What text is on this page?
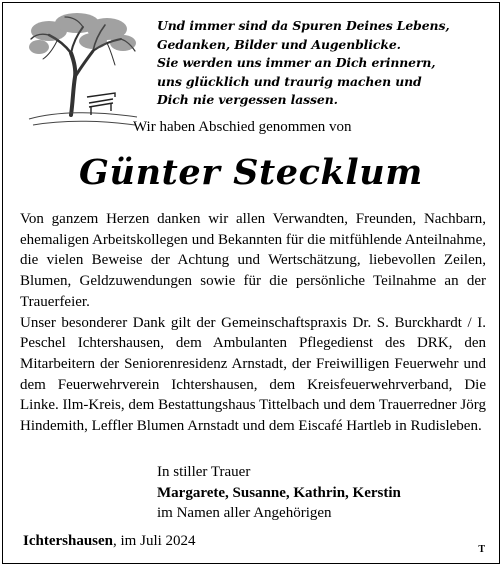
Und immer sind da Spuren Deines Lebens,
Gedanken, Bilder und Augenblicke.
Sie werden uns immer an Dich erinnern,
uns glücklich und traurig machen und
Dich nie vergessen lassen.
Wir haben Abschied genommen von
Günter Stecklum

Von ganzem Herzen danken wir allen Verwandten, Freunden, Nachbarn, ehemaligen Arbeitskollegen und Bekannten für die mitfühlende Anteilnahme, die vielen Beweise der Achtung und Wertschätzung, liebevollen Zeilen, Blumen, Geldzuwendungen sowie für die persönliche Teilnahme an der Trauerfeier.

Unser besonderer Dank gilt der Gemeinschaftspraxis Dr. S. Burckhardt / I. Peschel Ichtershausen, dem Ambulanten Pflegedienst des DRK, den Mitarbeitern der Seniorenresidenz Arnstadt, der Freiwilligen Feuerwehr und dem Feuerwehrverein Ichtershausen, dem Kreisfeuerwehrverband, Die Linke. Ilm-Kreis, dem Bestattungshaus Tittelbach und dem Trauerredner Jörg Hindemith, Leffler Blumen Arnstadt und dem Eiscafé Hartleb in Rudisleben.

In stiller Trauer
Margarete, Susanne, Kathrin, Kerstin
im Namen aller Angehörigen
Ichtershausen, im Juli 2024
T
